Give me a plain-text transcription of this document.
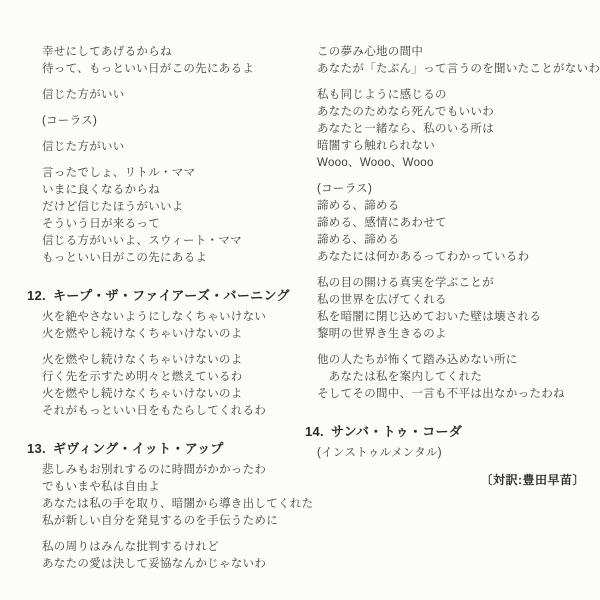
幸せにしてあげるからね
待って、もっといい日がこの先にあるよ
信じた方がいい
(コーラス)
信じた方がいい
言ったでしょ、リトル・ママ
いまに良くなるからね
だけど信じたほうがいいよ
そういう日が来るって
信じる方がいいよ、スウィート・ママ
もっといい日がこの先にあるよ
12. キープ・ザ・ファイアーズ・バーニング
火を絶やさないようにしなくちゃいけない
火を燃やし続けなくちゃいけないのよ
火を燃やし続けなくちゃいけないのよ
行く先を示すため明々と燃えているわ
火を燃やし続けなくちゃいけないのよ
それがもっといい日をもたらしてくれるわ
13. ギヴィング・イット・アップ
悲しみもお別れするのに時間がかかったわ
でもいまや私は自由よ
あなたは私の手を取り、暗闇から導き出してくれた
私が新しい自分を発見するのを手伝うために
私の周りはみんな批判するけれど
あなたの愛は決して妥協なんかじゃないわ
この夢み心地の間中
あなたが「たぶん」って言うのを聞いたことがないわ
私も同じように感じるの
あなたのためなら死んでもいいわ
あなたと一緒なら、私のいる所は
暗闇すら触れられない
Wooo、Wooo、Wooo
(コーラス)
諦める、諦める
諦める、感情にあわせて
諦める、諦める
あなたには何かあるってわかっているわ
私の目の開ける真実を学ぶことが
私の世界を広げてくれる
私を暗闇に閉じ込めておいた壁は壊される
黎明の世界き生きるのよ
他の人たちが怖くて踏み込めない所に
　あなたは私を案内してくれた
そしてその間中、一言も不平は出なかったわね
14. サンバ・トゥ・コーダ
(インストゥルメンタル)
〔対訳:豊田早苗〕
